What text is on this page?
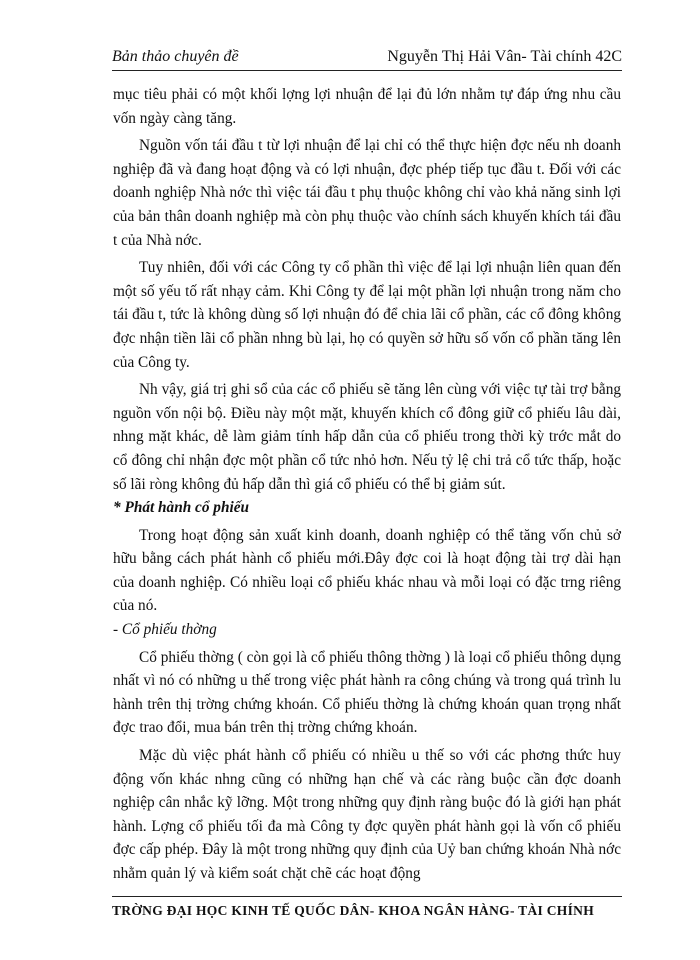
Bản thảo chuyên đề	Nguyễn Thị Hải Vân- Tài chính 42C

mục tiêu phải có một khối lợng lợi nhuận để lại đủ lớn nhằm tự đáp ứng nhu cầu vốn ngày càng tăng.

Nguồn vốn tái đầu t từ lợi nhuận để lại chỉ có thể thực hiện đợc nếu nh doanh nghiệp đã và đang hoạt động và có lợi nhuận, đợc phép tiếp tục đầu t. Đối với các doanh nghiệp Nhà nớc thì việc tái đầu t phụ thuộc không chỉ vào khả năng sinh lợi của bản thân doanh nghiệp mà còn phụ thuộc vào chính sách khuyến khích tái đầu t của Nhà nớc.

Tuy nhiên, đối với các Công ty cổ phần thì việc để lại lợi nhuận liên quan đến một số yếu tố rất nhạy cảm. Khi Công ty để lại một phần lợi nhuận trong năm cho tái đầu t, tức là không dùng số lợi nhuận đó để chia lãi cổ phần, các cổ đông không đợc nhận tiền lãi cổ phần nhng bù lại, họ có quyền sở hữu số vốn cổ phần tăng lên của Công ty.

Nh vậy, giá trị ghi sổ của các cổ phiếu sẽ tăng lên cùng với việc tự tài trợ bằng nguồn vốn nội bộ. Điều này một mặt, khuyến khích cổ đông giữ cổ phiếu lâu dài, nhng mặt khác, dễ làm giảm tính hấp dẫn của cổ phiếu trong thời kỳ trớc mắt do cổ đông chỉ nhận đợc một phần cổ tức nhỏ hơn. Nếu tỷ lệ chi trả cổ tức thấp, hoặc số lãi ròng không đủ hấp dẫn thì giá cổ phiếu có thể bị giảm sút.

* Phát hành cổ phiếu

Trong hoạt động sản xuất kinh doanh, doanh nghiệp có thể tăng vốn chủ sở hữu bằng cách phát hành cổ phiếu mới.Đây đợc coi là hoạt động tài trợ dài hạn của doanh nghiệp. Có nhiều loại cổ phiếu khác nhau và mỗi loại có đặc trng riêng của nó.

- Cổ phiếu thờng

Cổ phiếu thờng ( còn gọi là cổ phiếu thông thờng ) là loại cổ phiếu thông dụng nhất vì nó có những u thế trong việc phát hành ra công chúng và trong quá trình lu hành trên thị trờng chứng khoán. Cổ phiếu thờng là chứng khoán quan trọng nhất đợc trao đổi, mua bán trên thị trờng chứng khoán.

Mặc dù việc phát hành cổ phiếu có nhiều u thế so với các phơng thức huy động vốn khác nhng cũng có những hạn chế và các ràng buộc cần đợc doanh nghiệp cân nhắc kỹ lỡng. Một trong những quy định ràng buộc đó là giới hạn phát hành. Lợng cổ phiếu tối đa mà Công ty đợc quyền phát hành gọi là vốn cổ phiếu đợc cấp phép. Đây là một trong những quy định của Uỷ ban chứng khoán Nhà nớc nhằm quản lý và kiểm soát chặt chẽ các hoạt động

TRỜNG ĐẠI HỌC KINH TẾ QUỐC DÂN- KHOA NGÂN HÀNG- TÀI CHÍNH
